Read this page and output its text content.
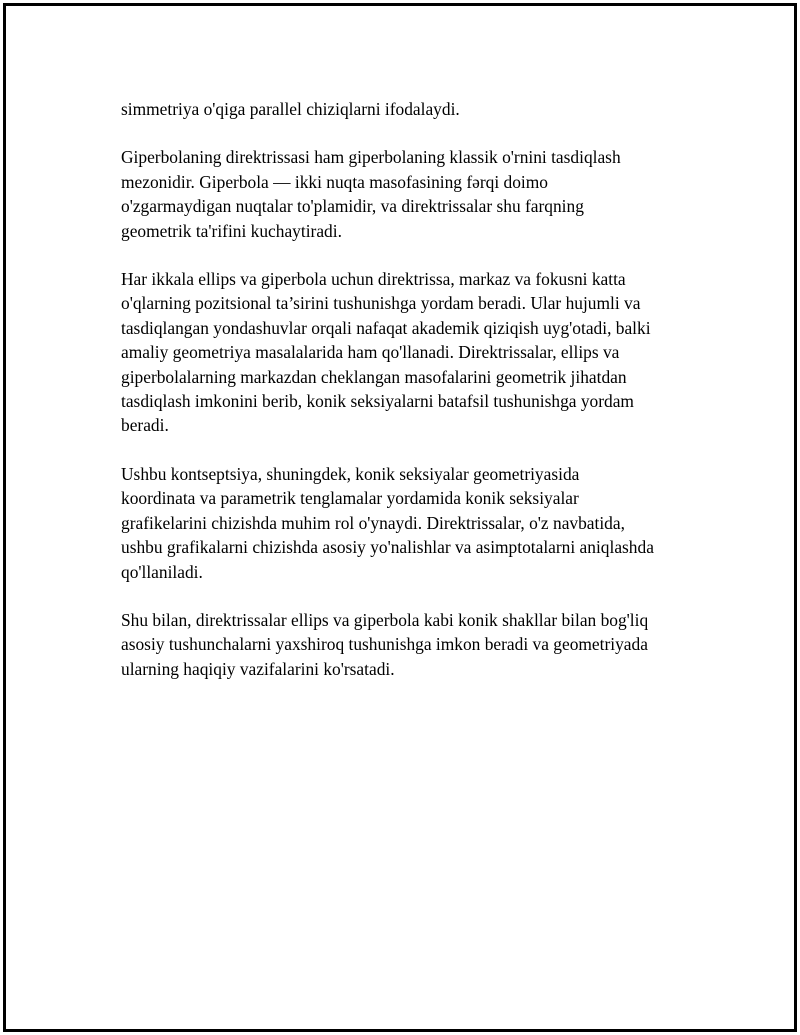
simmetriya o'qiga parallel chiziqlarni ifodalaydi.

Giperbolaning direktrissasi ham giperbolaning klassik o'rnini tasdiqlash
mezonidir. Giperbola — ikki nuqta masofasining fərqi doimo
o'zgarmaydigan nuqtalar to'plamidir, va direktrissalar shu farqning
geometrik ta'rifini kuchaytiradi.

Har ikkala ellips va giperbola uchun direktrissa, markaz va fokusni katta
o'qlarning pozitsional ta’sirini tushunishga yordam beradi. Ular hujumli va
tasdiqlangan yondashuvlar orqali nafaqat akademik qiziqish uyg'otadi, balki
amaliy geometriya masalalarida ham qo'llanadi. Direktrissalar, ellips va
giperbolalarning markazdan cheklangan masofalarini geometrik jihatdan
tasdiqlash imkonini berib, konik seksiyalarni batafsil tushunishga yordam
beradi.

Ushbu kontseptsiya, shuningdek, konik seksiyalar geometriyasida
koordinata va parametrik tenglamalar yordamida konik seksiyalar
grafikelarini chizishda muhim rol o'ynaydi. Direktrissalar, o'z navbatida,
ushbu grafikalarni chizishda asosiy yo'nalishlar va asimptotalarni aniqlashda
qo'llaniladi.

Shu bilan, direktrissalar ellips va giperbola kabi konik shakllar bilan bog'liq
asosiy tushunchalarni yaxshiroq tushunishga imkon beradi va geometriyada
ularning haqiqiy vazifalarini ko'rsatadi.
